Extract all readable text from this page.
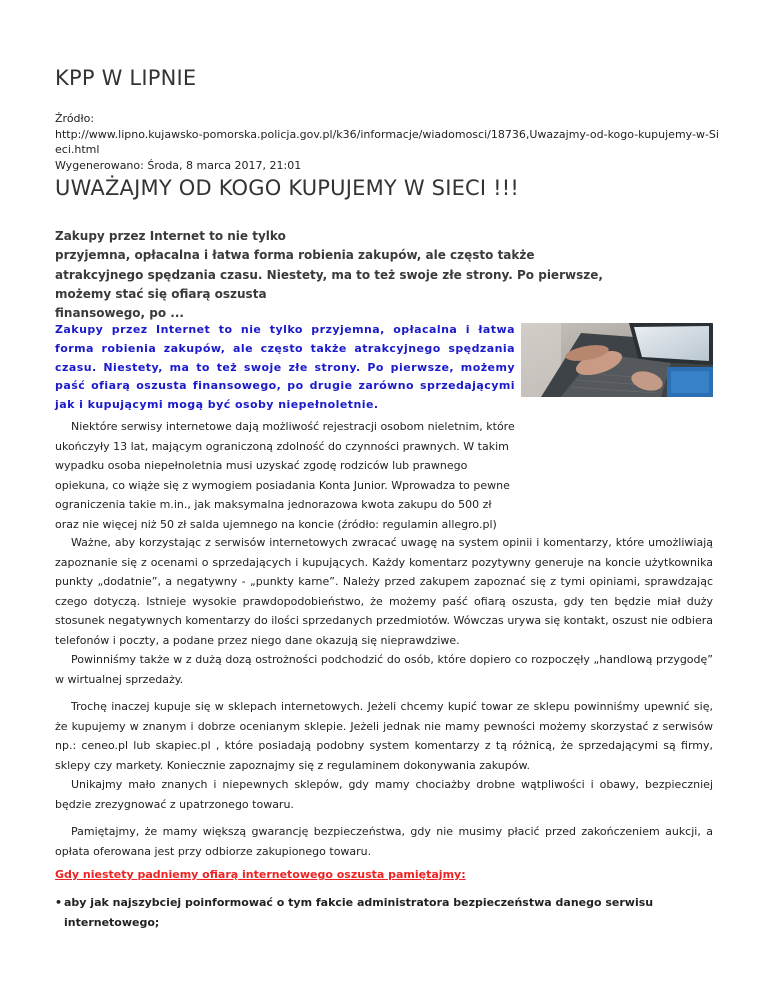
KPP W LIPNIE
Źródło:
http://www.lipno.kujawsko-pomorska.policja.gov.pl/k36/informacje/wiadomosci/18736,Uwazajmy-od-kogo-kupujemy-w-Sieci.html
Wygenerowano: Środa, 8 marca 2017, 21:01
UWAŻAJMY OD KOGO KUPUJEMY W SIECI !!!
Zakupy przez Internet to nie tylko
przyjemna, opłacalna i łatwa forma robienia zakupów, ale często także
atrakcyjnego spędzania czasu. Niestety, ma to też swoje złe strony. Po pierwsze,
możemy stać się ofiarą oszusta
finansowego, po ...

Zakupy przez Internet to nie tylko przyjemna, opłacalna i łatwa forma robienia zakupów, ale często także atrakcyjnego spędzania czasu. Niestety, ma to też swoje złe strony. Po pierwsze, możemy paść ofiarą oszusta finansowego, po drugie zarówno sprzedającymi jak i kupującymi mogą być osoby niepełnoletnie.

Niektóre serwisy internetowe dają możliwość rejestracji osobom nieletnim, które ukończyły 13 lat, mającym ograniczoną zdolność do czynności prawnych. W takim wypadku osoba niepełnoletnia musi uzyskać zgodę rodziców lub prawnego opiekuna, co wiąże się z wymogiem posiadania Konta Junior. Wprowadza to pewne ograniczenia takie m.in., jak maksymalna jednorazowa kwota zakupu do 500 zł oraz nie więcej niż 50 zł salda ujemnego na koncie (źródło: regulamin allegro.pl)

Ważne, aby korzystając z serwisów internetowych zwracać uwagę na system opinii i komentarzy, które umożliwiają zapoznanie się z ocenami o sprzedających i kupujących. Każdy komentarz pozytywny generuje na koncie użytkownika punkty „dodatnie”, a negatywny - „punkty karne”. Należy przed zakupem zapoznać się z tymi opiniami, sprawdzając czego dotyczą. Istnieje wysokie prawdopodobieństwo, że możemy paść ofiarą oszusta, gdy ten będzie miał duży stosunek negatywnych komentarzy do ilości sprzedanych przedmiotów. Wówczas urywa się kontakt, oszust nie odbiera telefonów i poczty, a podane przez niego dane okazują się nieprawdziwe.

Powinniśmy także w z dużą dozą ostrożności podchodzić do osób, które dopiero co rozpoczęły „handlową przygodę” w wirtualnej sprzedaży.

Trochę inaczej kupuje się w sklepach internetowych. Jeżeli chcemy kupić towar ze sklepu powinniśmy upewnić się, że kupujemy w znanym i dobrze ocenianym sklepie. Jeżeli jednak nie mamy pewności możemy skorzystać z serwisów np.: ceneo.pl lub skapiec.pl , które posiadają podobny system komentarzy z tą różnicą, że sprzedającymi są firmy, sklepy czy markety. Koniecznie zapoznajmy się z regulaminem dokonywania zakupów.

Unikajmy mało znanych i niepewnych sklepów, gdy mamy chociażby drobne wątpliwości i obawy, bezpieczniej będzie zrezygnować z upatrzonego towaru.

Pamiętajmy, że mamy większą gwarancję bezpieczeństwa, gdy nie musimy płacić przed zakończeniem aukcji, a opłata oferowana jest przy odbiorze zakupionego towaru.

Gdy niestety padniemy ofiarą internetowego oszusta pamiętajmy:

• aby jak najszybciej poinformować o tym fakcie administratora bezpieczeństwa danego serwisu internetowego;
